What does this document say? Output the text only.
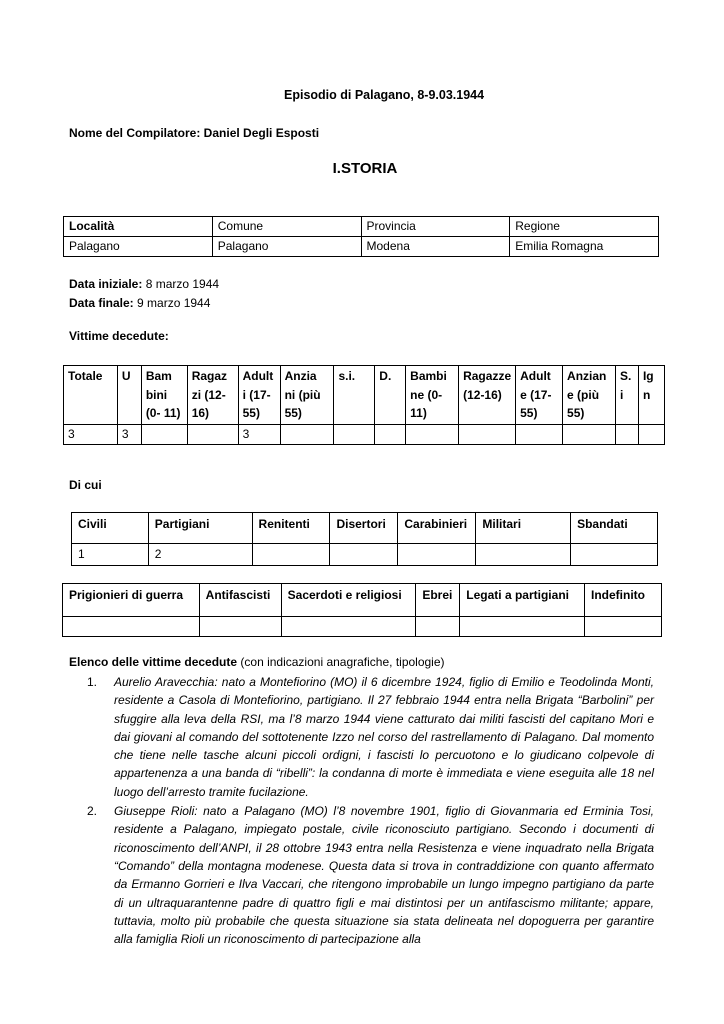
Episodio di Palagano, 8-9.03.1944
Nome del Compilatore: Daniel Degli Esposti
I.STORIA
Località	Comune	Provincia	Regione
Palagano	Palagano	Modena	Emilia Romagna
Data iniziale: 8 marzo 1944
Data finale: 9 marzo 1944
Vittime decedute:
Totale	U	Bam bini (0- 11)	Ragaz zi (12- 16)	Adult i (17- 55)	Anzia ni (più 55)	s.i.	D.	Bambi ne (0- 11)	Ragazze (12-16)	Adult e (17- 55)	Anzian e (più 55)	S. i	Ig n
3	3			3									
Di cui
Civili	Partigiani	Renitenti	Disertori	Carabinieri	Militari	Sbandati
1	2					
Prigionieri di guerra	Antifascisti	Sacerdoti e religiosi	Ebrei	Legati a partigiani	Indefinito

Elenco delle vittime decedute (con indicazioni anagrafiche, tipologie)
1. Aurelio Aravecchia: nato a Montefiorino (MO) il 6 dicembre 1924, figlio di Emilio e Teodolinda Monti, residente a Casola di Montefiorino, partigiano. Il 27 febbraio 1944 entra nella Brigata “Barbolini” per sfuggire alla leva della RSI, ma l’8 marzo 1944 viene catturato dai militi fascisti del capitano Mori e dai giovani al comando del sottotenente Izzo nel corso del rastrellamento di Palagano. Dal momento che tiene nelle tasche alcuni piccoli ordigni, i fascisti lo percuotono e lo giudicano colpevole di appartenenza a una banda di “ribelli”: la condanna di morte è immediata e viene eseguita alle 18 nel luogo dell’arresto tramite fucilazione.
2. Giuseppe Rioli: nato a Palagano (MO) l’8 novembre 1901, figlio di Giovanmaria ed Erminia Tosi, residente a Palagano, impiegato postale, civile riconosciuto partigiano. Secondo i documenti di riconoscimento dell’ANPI, il 28 ottobre 1943 entra nella Resistenza e viene inquadrato nella Brigata “Comando” della montagna modenese. Questa data si trova in contraddizione con quanto affermato da Ermanno Gorrieri e Ilva Vaccari, che ritengono improbabile un lungo impegno partigiano da parte di un ultraquarantenne padre di quattro figli e mai distintosi per un antifascismo militante; appare, tuttavia, molto più probabile che questa situazione sia stata delineata nel dopoguerra per garantire alla famiglia Rioli un riconoscimento di partecipazione alla
